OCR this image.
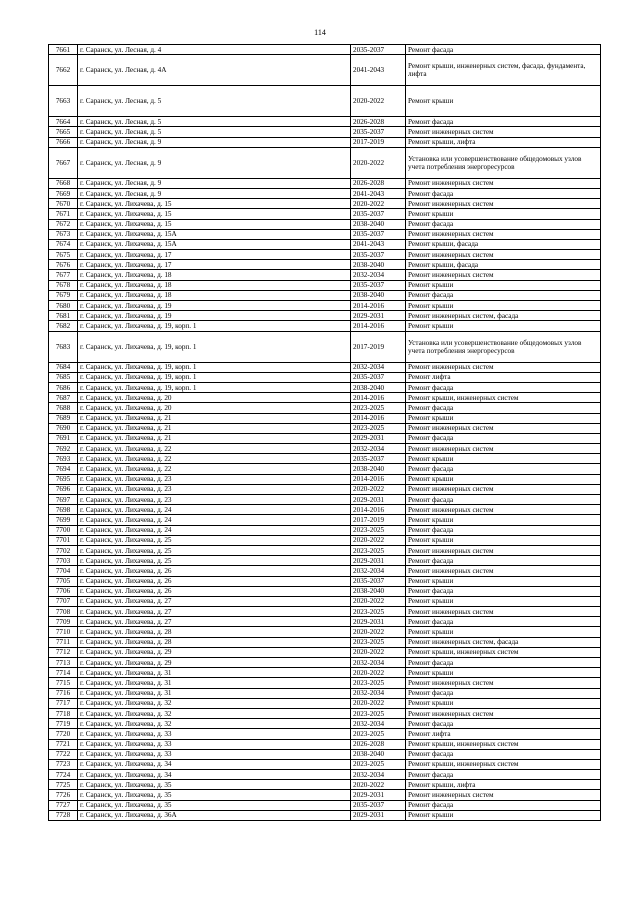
114
7661	г. Саранск, ул. Лесная, д. 4	2035-2037	Ремонт фасада
7662	г. Саранск, ул. Лесная, д. 4А	2041-2043	Ремонт крыши, инженерных систем, фасада, фундамента, лифта
7663	г. Саранск, ул. Лесная, д. 5	2020-2022	Ремонт крыши
7664	г. Саранск, ул. Лесная, д. 5	2026-2028	Ремонт фасада
7665	г. Саранск, ул. Лесная, д. 5	2035-2037	Ремонт инженерных систем
7666	г. Саранск, ул. Лесная, д. 9	2017-2019	Ремонт крыши, лифта
7667	г. Саранск, ул. Лесная, д. 9	2020-2022	Установка или усовершенствование общедомовых узлов учета потребления энергоресурсов
7668	г. Саранск, ул. Лесная, д. 9	2026-2028	Ремонт инженерных систем
7669	г. Саранск, ул. Лесная, д. 9	2041-2043	Ремонт фасада
7670	г. Саранск, ул. Лихачева, д. 15	2020-2022	Ремонт инженерных систем
7671	г. Саранск, ул. Лихачева, д. 15	2035-2037	Ремонт крыши
7672	г. Саранск, ул. Лихачева, д. 15	2038-2040	Ремонт фасада
7673	г. Саранск, ул. Лихачева, д. 15А	2035-2037	Ремонт инженерных систем
7674	г. Саранск, ул. Лихачева, д. 15А	2041-2043	Ремонт крыши, фасада
7675	г. Саранск, ул. Лихачева, д. 17	2035-2037	Ремонт инженерных систем
7676	г. Саранск, ул. Лихачева, д. 17	2038-2040	Ремонт крыши, фасада
7677	г. Саранск, ул. Лихачева, д. 18	2032-2034	Ремонт инженерных систем
7678	г. Саранск, ул. Лихачева, д. 18	2035-2037	Ремонт крыши
7679	г. Саранск, ул. Лихачева, д. 18	2038-2040	Ремонт фасада
7680	г. Саранск, ул. Лихачева, д. 19	2014-2016	Ремонт крыши
7681	г. Саранск, ул. Лихачева, д. 19	2029-2031	Ремонт инженерных систем, фасада
7682	г. Саранск, ул. Лихачева, д. 19, корп. 1	2014-2016	Ремонт крыши
7683	г. Саранск, ул. Лихачева, д. 19, корп. 1	2017-2019	Установка или усовершенствование общедомовых узлов учета потребления энергоресурсов
7684	г. Саранск, ул. Лихачева, д. 19, корп. 1	2032-2034	Ремонт инженерных систем
7685	г. Саранск, ул. Лихачева, д. 19, корп. 1	2035-2037	Ремонт лифта
7686	г. Саранск, ул. Лихачева, д. 19, корп. 1	2038-2040	Ремонт фасада
7687	г. Саранск, ул. Лихачева, д. 20	2014-2016	Ремонт крыши, инженерных систем
7688	г. Саранск, ул. Лихачева, д. 20	2023-2025	Ремонт фасада
7689	г. Саранск, ул. Лихачева, д. 21	2014-2016	Ремонт крыши
7690	г. Саранск, ул. Лихачева, д. 21	2023-2025	Ремонт инженерных систем
7691	г. Саранск, ул. Лихачева, д. 21	2029-2031	Ремонт фасада
7692	г. Саранск, ул. Лихачева, д. 22	2032-2034	Ремонт инженерных систем
7693	г. Саранск, ул. Лихачева, д. 22	2035-2037	Ремонт крыши
7694	г. Саранск, ул. Лихачева, д. 22	2038-2040	Ремонт фасада
7695	г. Саранск, ул. Лихачева, д. 23	2014-2016	Ремонт крыши
7696	г. Саранск, ул. Лихачева, д. 23	2020-2022	Ремонт инженерных систем
7697	г. Саранск, ул. Лихачева, д. 23	2029-2031	Ремонт фасада
7698	г. Саранск, ул. Лихачева, д. 24	2014-2016	Ремонт инженерных систем
7699	г. Саранск, ул. Лихачева, д. 24	2017-2019	Ремонт крыши
7700	г. Саранск, ул. Лихачева, д. 24	2023-2025	Ремонт фасада
7701	г. Саранск, ул. Лихачева, д. 25	2020-2022	Ремонт крыши
7702	г. Саранск, ул. Лихачева, д. 25	2023-2025	Ремонт инженерных систем
7703	г. Саранск, ул. Лихачева, д. 25	2029-2031	Ремонт фасада
7704	г. Саранск, ул. Лихачева, д. 26	2032-2034	Ремонт инженерных систем
7705	г. Саранск, ул. Лихачева, д. 26	2035-2037	Ремонт крыши
7706	г. Саранск, ул. Лихачева, д. 26	2038-2040	Ремонт фасада
7707	г. Саранск, ул. Лихачева, д. 27	2020-2022	Ремонт крыши
7708	г. Саранск, ул. Лихачева, д. 27	2023-2025	Ремонт инженерных систем
7709	г. Саранск, ул. Лихачева, д. 27	2029-2031	Ремонт фасада
7710	г. Саранск, ул. Лихачева, д. 28	2020-2022	Ремонт крыши
7711	г. Саранск, ул. Лихачева, д. 28	2023-2025	Ремонт инженерных систем, фасада
7712	г. Саранск, ул. Лихачева, д. 29	2020-2022	Ремонт крыши, инженерных систем
7713	г. Саранск, ул. Лихачева, д. 29	2032-2034	Ремонт фасада
7714	г. Саранск, ул. Лихачева, д. 31	2020-2022	Ремонт крыши
7715	г. Саранск, ул. Лихачева, д. 31	2023-2025	Ремонт инженерных систем
7716	г. Саранск, ул. Лихачева, д. 31	2032-2034	Ремонт фасада
7717	г. Саранск, ул. Лихачева, д. 32	2020-2022	Ремонт крыши
7718	г. Саранск, ул. Лихачева, д. 32	2023-2025	Ремонт инженерных систем
7719	г. Саранск, ул. Лихачева, д. 32	2032-2034	Ремонт фасада
7720	г. Саранск, ул. Лихачева, д. 33	2023-2025	Ремонт лифта
7721	г. Саранск, ул. Лихачева, д. 33	2026-2028	Ремонт крыши, инженерных систем
7722	г. Саранск, ул. Лихачева, д. 33	2038-2040	Ремонт фасада
7723	г. Саранск, ул. Лихачева, д. 34	2023-2025	Ремонт крыши, инженерных систем
7724	г. Саранск, ул. Лихачева, д. 34	2032-2034	Ремонт фасада
7725	г. Саранск, ул. Лихачева, д. 35	2020-2022	Ремонт крыши, лифта
7726	г. Саранск, ул. Лихачева, д. 35	2029-2031	Ремонт инженерных систем
7727	г. Саранск, ул. Лихачева, д. 35	2035-2037	Ремонт фасада
7728	г. Саранск, ул. Лихачева, д. 36А	2029-2031	Ремонт крыши
